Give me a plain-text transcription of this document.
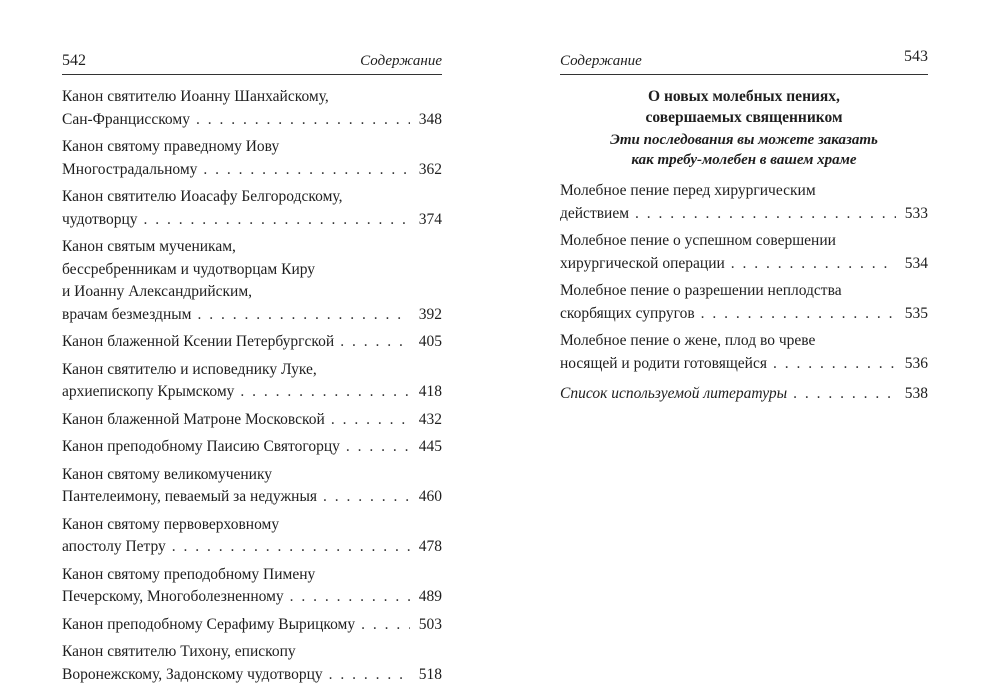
542	Содержание
Канон святителю Иоанну Шанхайскому,
Сан-Францисскому . . .	348
Канон святому праведному Иову
Многострадальному . . .	362
Канон святителю Иоасафу Белгородскому,
чудотворцу . . .	374
Канон святым мученикам,
бессребренникам и чудотворцам Киру
и Иоанну Александрийским,
врачам безмездным . . .	392
Канон блаженной Ксении Петербургской . . .	405
Канон святителю и исповеднику Луке,
архиепископу Крымскому . . .	418
Канон блаженной Матроне Московской . . .	432
Канон преподобному Паисию Святогорцу . . .	445
Канон святому великомученику
Пантелеимону, певаемый за недужныя . . .	460
Канон святому первоверховному
апостолу Петру . . .	478
Канон святому преподобному Пимену
Печерскому, Многоболезненному . . .	489
Канон преподобному Серафиму Вырицкому . . .	503
Канон святителю Тихону, епископу
Воронежскому, Задонскому чудотворцу . . .	518
Содержание	543
О новых молебных пениях,
совершаемых священником
Эти последования вы можете заказать
как требу-молебен в вашем храме
Молебное пение перед хирургическим
действием . . .	533
Молебное пение о успешном совершении
хирургической операции . . .	534
Молебное пение о разрешении неплодства
скорбящих супругов . . .	535
Молебное пение о жене, плод во чреве
носящей и родити готовящейся . . .	536
Список используемой литературы . . .	538
